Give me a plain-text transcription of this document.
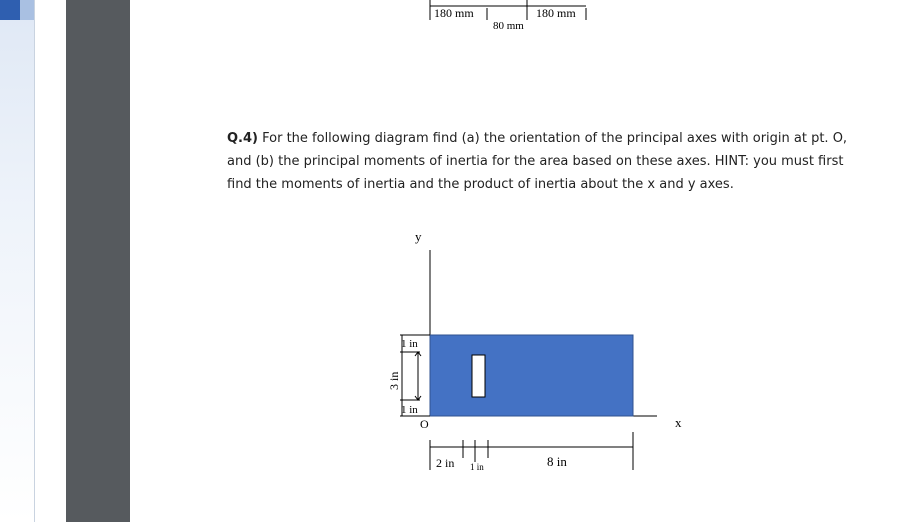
Q.4) For the following diagram find (a) the orientation of the principal axes with origin at pt. O, and (b) the principal moments of inertia for the area based on these axes. HINT: you must first find the moments of inertia and the product of inertia about the x and y axes.
180 mm
80 mm
180 mm
y
x
O
1 in
1 in
3 in
2 in 1 in	8 in
